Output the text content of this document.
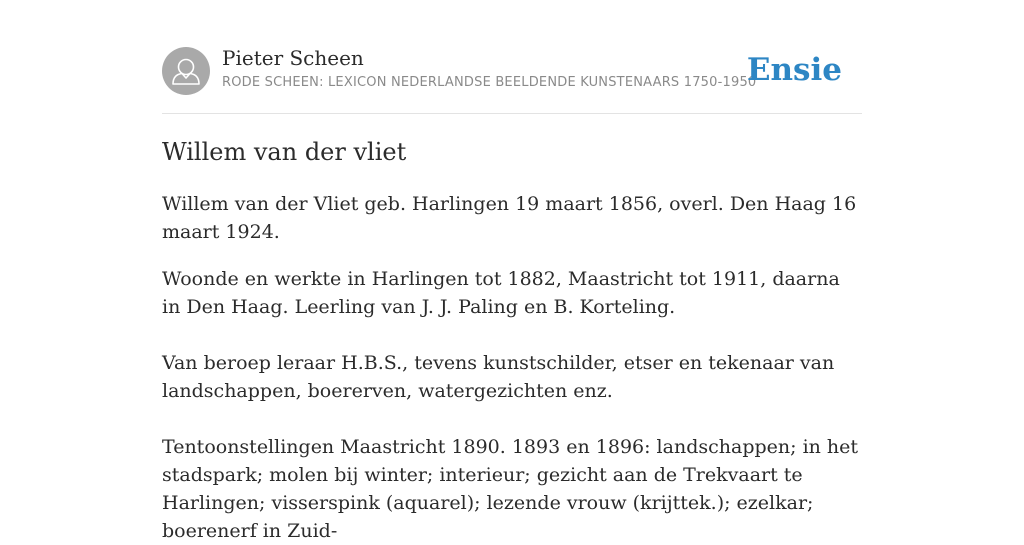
Pieter Scheen
RODE SCHEEN: LEXICON NEDERLANDSE BEELDENDE KUNSTENAARS 1750-1950
Ensie
Willem van der vliet

Willem van der Vliet geb. Harlingen 19 maart 1856, overl. Den Haag 16 maart 1924.

Woonde en werkte in Harlingen tot 1882, Maastricht tot 1911, daarna in Den Haag. Leerling van J. J. Paling en B. Korteling.

Van beroep leraar H.B.S., tevens kunstschilder, etser en tekenaar van landschappen, boererven, watergezichten enz.

Tentoonstellingen Maastricht 1890. 1893 en 1896: landschappen; in het stadspark; molen bij winter; interieur; gezicht aan de Trekvaart te Harlingen; visserspink (aquarel); lezende vrouw (krijttek.); ezelkar; boerenerf in Zuid-
